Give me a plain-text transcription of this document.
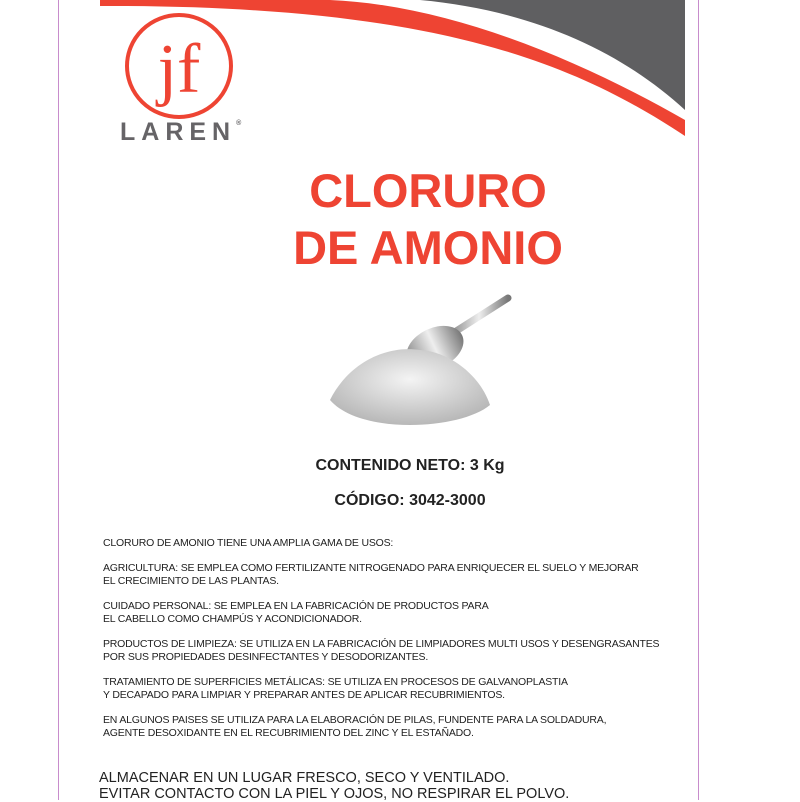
jf
LAREN®
CLORURO
DE AMONIO
CONTENIDO NETO: 3 Kg
CÓDIGO: 3042-3000

CLORURO DE AMONIO TIENE UNA AMPLIA GAMA DE USOS:

AGRICULTURA: SE EMPLEA COMO FERTILIZANTE NITROGENADO PARA ENRIQUECER EL SUELO Y MEJORAR
EL CRECIMIENTO DE LAS PLANTAS.

CUIDADO PERSONAL: SE EMPLEA EN LA FABRICACIÓN DE PRODUCTOS PARA
EL CABELLO COMO CHAMPÚS Y ACONDICIONADOR.

PRODUCTOS DE LIMPIEZA: SE UTILIZA EN LA FABRICACIÓN DE LIMPIADORES MULTI USOS Y DESENGRASANTES
POR SUS PROPIEDADES DESINFECTANTES Y DESODORIZANTES.

TRATAMIENTO DE SUPERFICIES METÁLICAS: SE UTILIZA EN PROCESOS DE GALVANOPLASTIA
Y DECAPADO PARA LIMPIAR Y PREPARAR ANTES DE APLICAR RECUBRIMIENTOS.

EN ALGUNOS PAISES SE UTILIZA PARA LA ELABORACIÓN DE PILAS, FUNDENTE PARA LA SOLDADURA,
AGENTE DESOXIDANTE EN EL RECUBRIMIENTO DEL ZINC Y EL ESTAÑADO.

ALMACENAR EN UN LUGAR FRESCO, SECO Y VENTILADO.
EVITAR CONTACTO CON LA PIEL Y OJOS, NO RESPIRAR EL POLVO.
